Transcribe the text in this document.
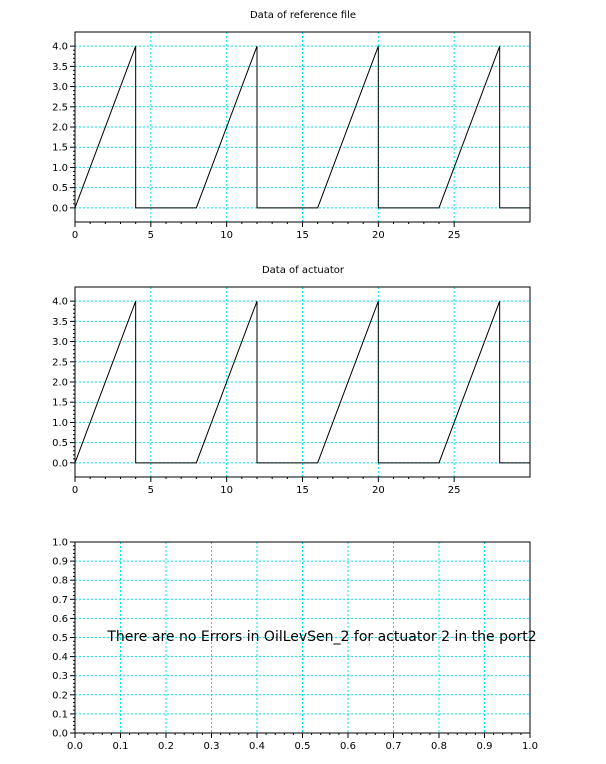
Data of reference file
0	5	10	15	20	25
0.0
0.5
1.0
1.5
2.0
2.5
3.0
3.5
4.0
Data of actuator
0	5	10	15	20	25
0.0
0.5
1.0
1.5
2.0
2.5
3.0
3.5
4.0
0.0	0.1	0.2	0.3	0.4	0.5	0.6	0.7	0.8	0.9	1.0
0.0
0.1
0.2
0.3
0.4
0.5
0.6
0.7
0.8
0.9
1.0
There are no Errors in OilLevSen_2 for actuator 2 in the port2
